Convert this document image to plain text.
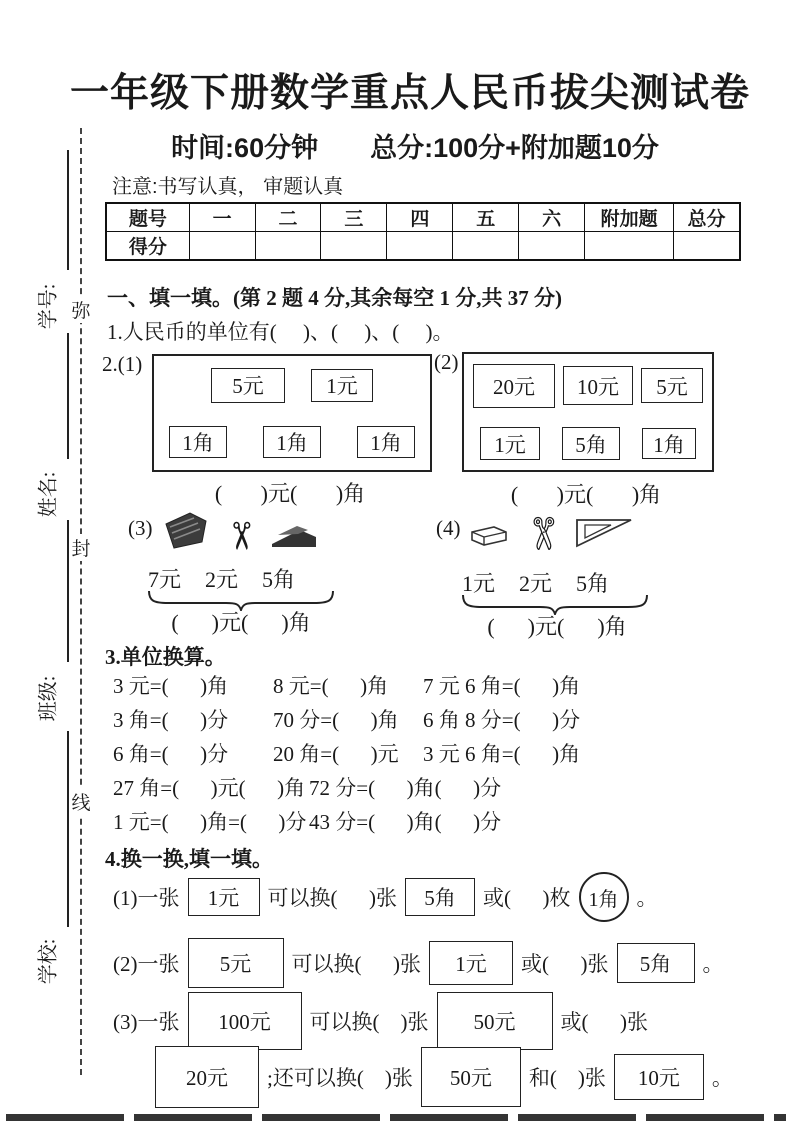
学号:
姓名:
班级:
学校:
弥
封
线
一年级下册数学重点人民币拔尖测试卷
时间:60分钟 总分:100分+附加题10分
注意:书写认真， 审题认真
题号	一	二	三	四	五	六	附加题	总分
得分								
一、填一填。(第 2 题 4 分,其余每空 1 分,共 37 分)
1.人民币的单位有(     )、(     )、(     )。
2.(1)
5元	1元
1角	1角	1角
(       )元(       )角
(2)
20元	10元	5元
1元	5角	1角
(       )元(       )角
(3) ✂
7元 2元 5角
(      )元(      )角
(4) ✄
1元 2元 5角
(      )元(      )角
3.单位换算。
3 元=(      )角	8 元=(      )角	7 元 6 角=(      )角
3 角=(      )分	70 分=(      )角	6 角 8 分=(      )分
6 角=(      )分	20 角=(      )元	3 元 6 角=(      )角
27 角=(      )元(      )角 72 分=(      )角(      )分
1 元=(      )角=(      )分 43 分=(      )角(      )分
4.换一换,填一填。
(1)一张	1元	可以换(      )张	5角	或(      )枚 1角 。
(2)一张	5元	可以换(      )张	1元	或(      )张	5角	。
(3)一张	100元	可以换(    )张	50元	或(      )张
20元	;还可以换(    )张	50元	和(    )张	10元	。
